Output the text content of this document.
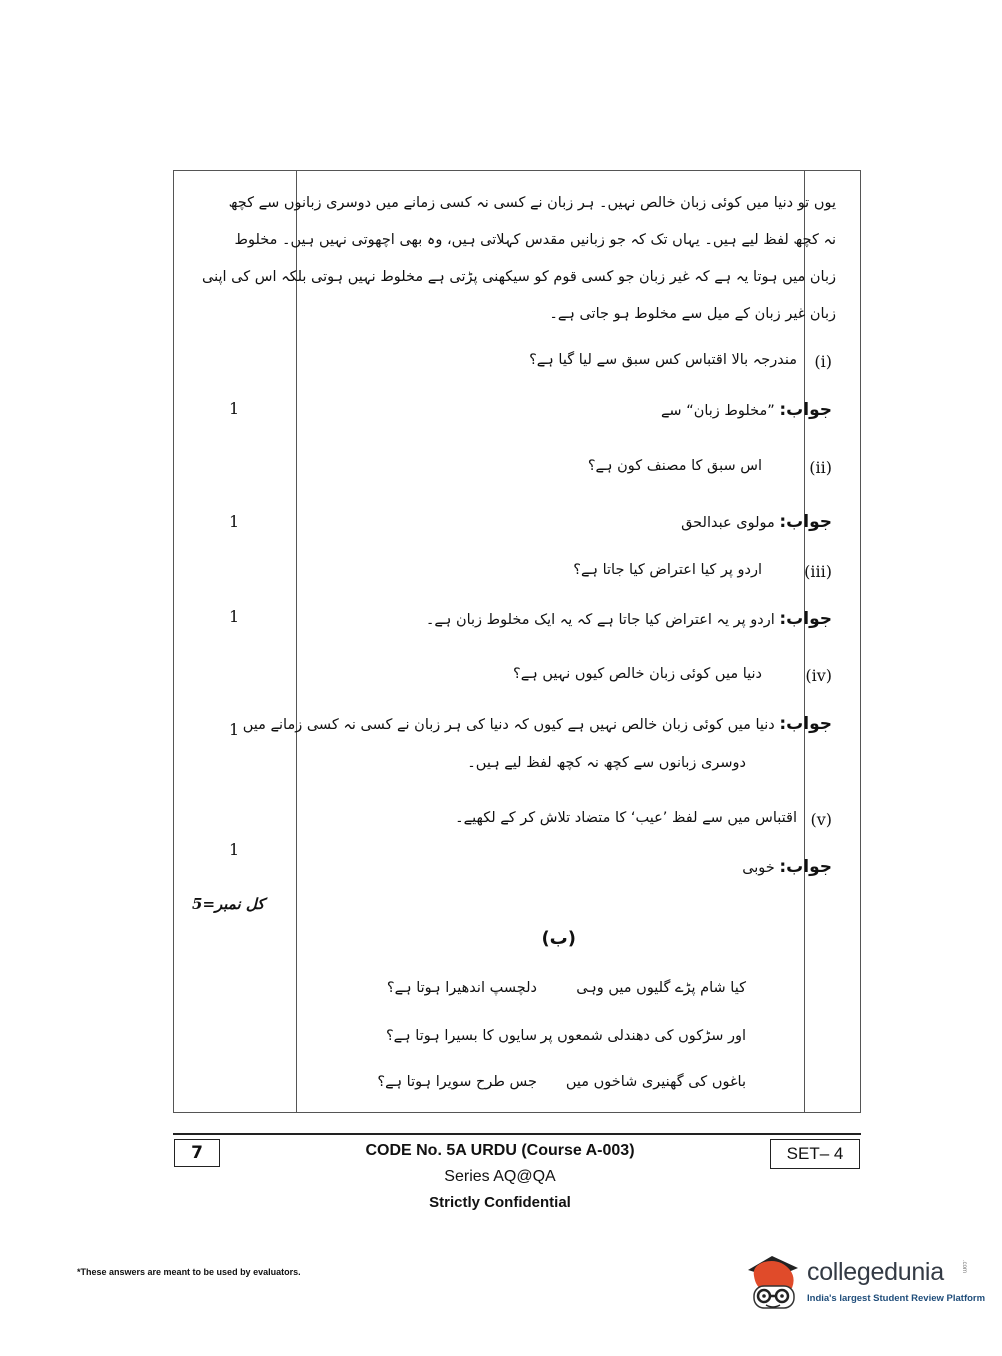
یوں تو دنیا میں کوئی زبان خالص نہیں۔ ہر زبان نے کسی نہ کسی زمانے میں دوسری زبانوں سے کچھ
نہ کچھ لفظ لیے ہیں۔ یہاں تک کہ جو زبانیں مقدس کہلاتی ہیں، وہ بھی اچھوتی نہیں ہیں۔ مخلوط
زبان میں ہوتا یہ ہے کہ غیر زبان جو کسی قوم کو سیکھنی پڑتی ہے مخلوط نہیں ہوتی بلکہ اس کی اپنی
زبان غیر زبان کے میل سے مخلوط ہو جاتی ہے۔
مندرجہ بالا اقتباس کس سبق سے لیا گیا ہے؟ (i)
1	جواب: ”مخلوط زبان“ سے
اس سبق کا مصنف کون ہے؟	(ii)
1	جواب: مولوی عبدالحق
اردو پر کیا اعتراض کیا جاتا ہے؟	(iii)
1	جواب: اردو پر یہ اعتراض کیا جاتا ہے کہ یہ ایک مخلوط زبان ہے۔
دنیا میں کوئی زبان خالص کیوں نہیں ہے؟	(iv)
1	جواب: دنیا میں کوئی زبان خالص نہیں ہے کیوں کہ دنیا کی ہر زبان نے کسی نہ کسی زمانے میں
دوسری زبانوں سے کچھ نہ کچھ لفظ لیے ہیں۔
اقتباس میں سے لفظ ’عیب‘ کا متضاد تلاش کر کے لکھیے۔ (v)
1
جواب: خوبی
کل نمبر=5
(ب)
کیا شام پڑے گلیوں میں وہی
دلچسپ اندھیرا ہوتا ہے؟
اور سڑکوں کی دھندلی شمعوں پر
سایوں کا بسیرا ہوتا ہے؟
باغوں کی گھنیری شاخوں میں
جس طرح سویرا ہوتا ہے؟
7	CODE No. 5A URDU (Course A-003)
Series AQ@QA
Strictly Confidential
SET– 4
*These answers are meant to be used by evaluators.	collegedunia	.com
India's largest Student Review Platform
